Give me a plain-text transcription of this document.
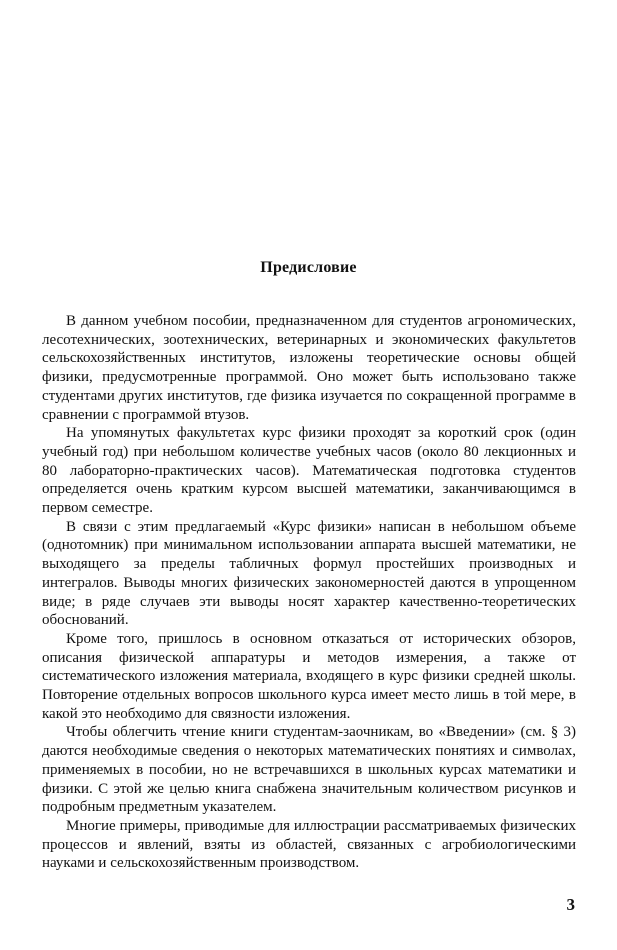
Предисловие

В данном учебном пособии, предназначенном для студентов агрономических, лесотехнических, зоотехнических, ветеринарных и экономических факультетов сельскохозяйственных институтов, изложены теоретические основы общей физики, предусмотренные программой. Оно может быть использовано также студентами других институтов, где физика изучается по сокращенной программе в сравнении с программой втузов.

На упомянутых факультетах курс физики проходят за короткий срок (один учебный год) при небольшом количестве учебных часов (около 80 лекционных и 80 лабораторно-практических часов). Математическая подготовка студентов определяется очень кратким курсом высшей математики, заканчивающимся в первом семестре.

В связи с этим предлагаемый «Курс физики» написан в небольшом объеме (однотомник) при минимальном использовании аппарата высшей математики, не выходящего за пределы табличных формул простейших производных и интегралов. Выводы многих физических закономерностей даются в упрощенном виде; в ряде случаев эти выводы носят характер качественно-теоретических обоснований.

Кроме того, пришлось в основном отказаться от исторических обзоров, описания физической аппаратуры и методов измерения, а также от систематического изложения материала, входящего в курс физики средней школы. Повторение отдельных вопросов школьного курса имеет место лишь в той мере, в какой это необходимо для связности изложения.

Чтобы облегчить чтение книги студентам-заочникам, во «Введении» (см. § 3) даются необходимые сведения о некоторых математических понятиях и символах, применяемых в пособии, но не встречавшихся в школьных курсах математики и физики. С этой же целью книга снабжена значительным количеством рисунков и подробным предметным указателем.

Многие примеры, приводимые для иллюстрации рассматриваемых физических процессов и явлений, взяты из областей, связанных с агробиологическими науками и сельскохозяйственным производством.

3
